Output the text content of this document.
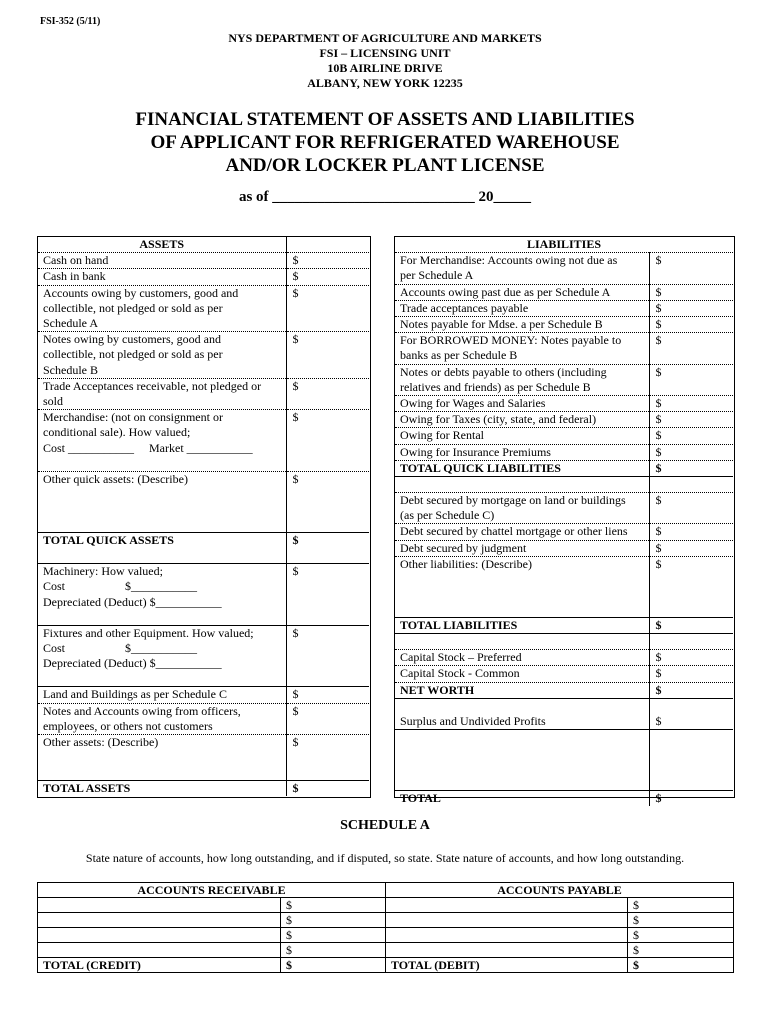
FSI-352 (5/11)
NYS DEPARTMENT OF AGRICULTURE AND MARKETS
FSI – LICENSING UNIT
10B AIRLINE DRIVE
ALBANY, NEW YORK 12235
FINANCIAL STATEMENT OF ASSETS AND LIABILITIES
OF APPLICANT FOR REFRIGERATED WAREHOUSE
AND/OR LOCKER PLANT LICENSE
as of ___________________________ 20_____
ASSETS	
Cash on hand	$
Cash in bank	$
Accounts owing by customers, good and	$
collectible, not pledged or sold as per	
Schedule A	
Notes owing by customers, good and	$
collectible, not pledged or sold as per	
Schedule B	
Trade Acceptances receivable, not pledged or	$
sold	
Merchandise: (not on consignment or	$
conditional sale). How valued;	
Cost ___________     Market ___________	

Other quick assets: (Describe)	$

TOTAL QUICK ASSETS	$

Machinery: How valued;	$
Cost                    $___________	
Depreciated (Deduct) $___________	

Fixtures and other Equipment. How valued;	$
Cost                    $___________	
Depreciated (Deduct) $___________	

Land and Buildings as per Schedule C	$
Notes and Accounts owing from officers,	$
employees, or others not customers	
Other assets: (Describe)	$

TOTAL ASSETS	$
LIABILITIES	
For Merchandise: Accounts owing not due as	$
per Schedule A	
Accounts owing past due as per Schedule A	$
Trade acceptances payable	$
Notes payable for Mdse. a per Schedule B	$
For BORROWED MONEY: Notes payable to	$
banks as per Schedule B	
Notes or debts payable to others (including	$
relatives and friends) as per Schedule B	
Owing for Wages and Salaries	$
Owing for Taxes (city, state, and federal)	$
Owing for Rental	$
Owing for Insurance Premiums	$
TOTAL QUICK LIABILITIES	$

Debt secured by mortgage on land or buildings	$
(as per Schedule C)	
Debt secured by chattel mortgage or other liens	$
Debt secured by judgment	$
Other liabilities: (Describe)	$

TOTAL LIABILITIES	$

Capital Stock – Preferred	$
Capital Stock - Common	$
NET WORTH	$

Surplus and Undivided Profits	$

TOTAL	$
SCHEDULE A
State nature of accounts, how long outstanding, and if disputed, so state. State nature of accounts, and how long outstanding.
ACCOUNTS RECEIVABLE		ACCOUNTS PAYABLE	
	$		$
	$		$
	$		$
	$		$
TOTAL (CREDIT)	$	TOTAL (DEBIT)	$
